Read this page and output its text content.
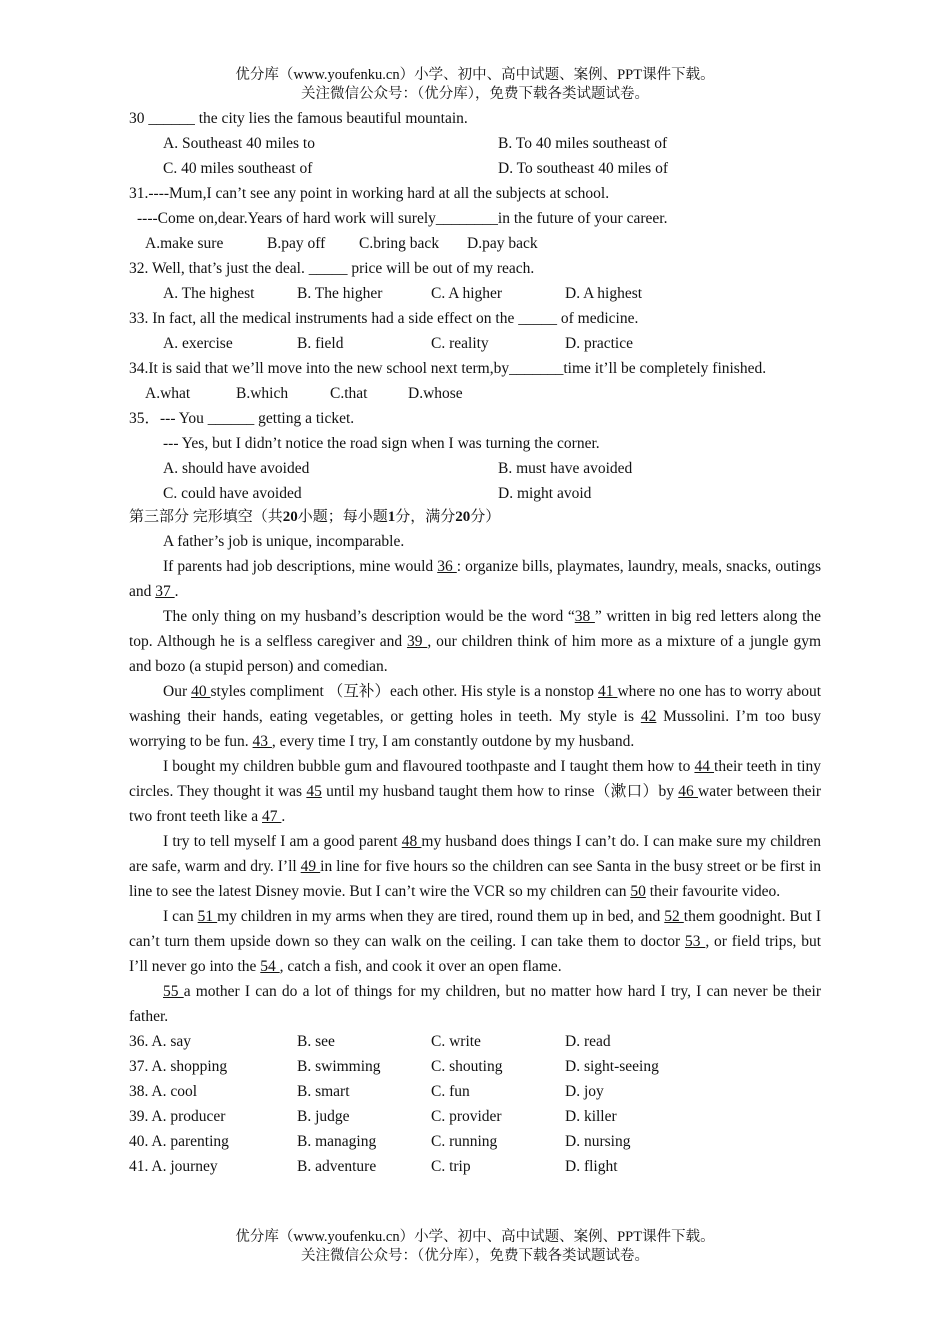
优分库（www.youfenku.cn）小学、初中、高中试题、案例、PPT课件下载。
关注微信公众号：（优分库），免费下载各类试题试卷。
30 ______ the city lies the famous beautiful mountain.
A. Southeast 40 miles to	B. To 40 miles southeast of
C. 40 miles southeast of	D. To southeast 40 miles of
31.----Mum,I can’t see any point in working hard at all the subjects at school.
----Come on,dear.Years of hard work will surely________in the future of your career.
A.make sure	B.pay off C.bring back D.pay back
32. Well, that’s just the deal. _____ price will be out of my reach.
A. The highest	B. The higher	C. A higher	D. A highest
33. In fact, all the medical instruments had a side effect on the _____ of medicine.
A. exercise	B. field	C. reality	D. practice
34.It is said that we’ll move into the new school next term,by_______time it’ll be completely finished.
A.what	B.which	C.that	D.whose
35．--- You ______ getting a ticket.
--- Yes, but I didn’t notice the road sign when I was turning the corner.
A. should have avoided	B. must have avoided
C. could have avoided	D. might avoid
第三部分 完形填空（共20小题；每小题1分，满分20分）

A father’s job is unique, incomparable.

If parents had job descriptions, mine would 36 : organize bills, playmates, laundry, meals, snacks, outings and 37 .

The only thing on my husband’s description would be the word “38 ” written in big red letters along the top. Although he is a selfless caregiver and 39 , our children think of him more as a mixture of a jungle gym and bozo (a stupid person) and comedian.

Our 40 styles compliment （互补）each other. His style is a nonstop 41 where no one has to worry about washing their hands, eating vegetables, or getting holes in teeth. My style is 42 Mussolini. I’m too busy worrying to be fun. 43 , every time I try, I am constantly outdone by my husband.

I bought my children bubble gum and flavoured toothpaste and I taught them how to 44 their teeth in tiny circles. They thought it was 45 until my husband taught them how to rinse（漱口）by 46 water between their two front teeth like a 47 .

I try to tell myself I am a good parent 48 my husband does things I can’t do. I can make sure my children are safe, warm and dry. I’ll 49 in line for five hours so the children can see Santa in the busy street or be first in line to see the latest Disney movie. But I can’t wire the VCR so my children can 50 their favourite video.

I can 51 my children in my arms when they are tired, round them up in bed, and 52 them goodnight. But I can’t turn them upside down so they can walk on the ceiling. I can take them to doctor 53 , or field trips, but I’ll never go into the 54 , catch a fish, and cook it over an open flame.

55 a mother I can do a lot of things for my children, but no matter how hard I try, I can never be their father.

36. A. say	B. see	C. write	D. read
37. A. shopping	B. swimming	C. shouting	D. sight-seeing
38. A. cool	B. smart	C. fun	D. joy
39. A. producer	B. judge	C. provider	D. killer
40. A. parenting	B. managing	C. running	D. nursing
41. A. journey	B. adventure	C. trip	D. flight
优分库（www.youfenku.cn）小学、初中、高中试题、案例、PPT课件下载。
关注微信公众号：（优分库），免费下载各类试题试卷。
